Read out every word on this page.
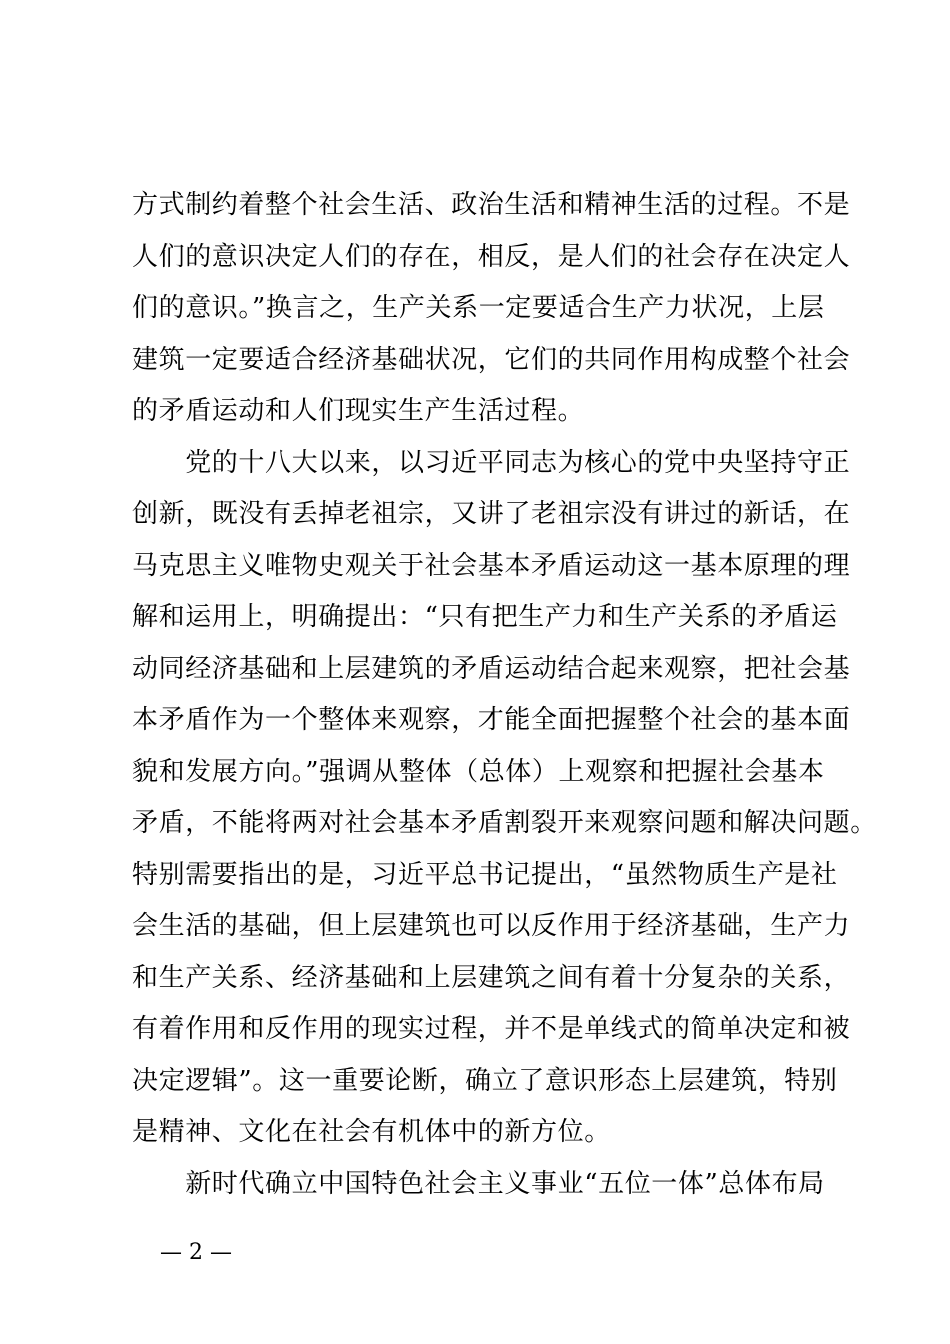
方式制约着整个社会生活、政治生活和精神生活的过程。不是
人们的意识决定人们的存在，相反，是人们的社会存在决定人
们的意识。”换言之，生产关系一定要适合生产力状况，上层
建筑一定要适合经济基础状况，它们的共同作用构成整个社会
的矛盾运动和人们现实生产生活过程。
　　党的十八大以来，以习近平同志为核心的党中央坚持守正
创新，既没有丢掉老祖宗，又讲了老祖宗没有讲过的新话，在
马克思主义唯物史观关于社会基本矛盾运动这一基本原理的理
解和运用上，明确提出：“只有把生产力和生产关系的矛盾运
动同经济基础和上层建筑的矛盾运动结合起来观察，把社会基
本矛盾作为一个整体来观察，才能全面把握整个社会的基本面
貌和发展方向。”强调从整体（总体）上观察和把握社会基本
矛盾，不能将两对社会基本矛盾割裂开来观察问题和解决问题。
特别需要指出的是，习近平总书记提出，“虽然物质生产是社
会生活的基础，但上层建筑也可以反作用于经济基础，生产力
和生产关系、经济基础和上层建筑之间有着十分复杂的关系，
有着作用和反作用的现实过程，并不是单线式的简单决定和被
决定逻辑”。这一重要论断，确立了意识形态上层建筑，特别
是精神、文化在社会有机体中的新方位。
　　新时代确立中国特色社会主义事业“五位一体”总体布局
— 2 —
